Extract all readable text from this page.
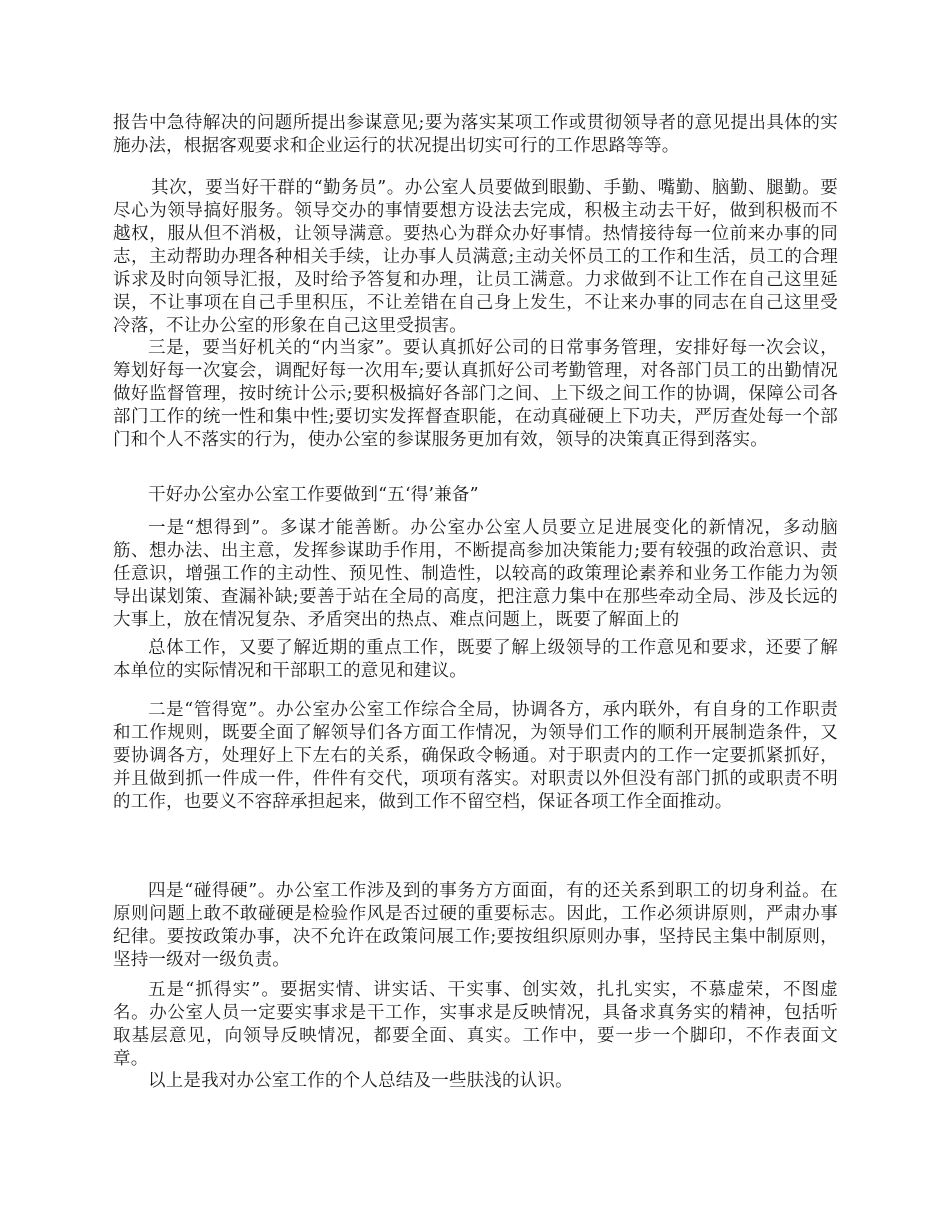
报告中急待解决的问题所提出参谋意见;要为落实某项工作或贯彻领导者的意见提出具体的实施办法，根据客观要求和企业运行的状况提出切实可行的工作思路等等。

其次，要当好干群的“勤务员”。办公室人员要做到眼勤、手勤、嘴勤、脑勤、腿勤。要尽心为领导搞好服务。领导交办的事情要想方设法去完成，积极主动去干好，做到积极而不越权，服从但不消极，让领导满意。要热心为群众办好事情。热情接待每一位前来办事的同志，主动帮助办理各种相关手续，让办事人员满意;主动关怀员工的工作和生活，员工的合理诉求及时向领导汇报，及时给予答复和办理，让员工满意。力求做到不让工作在自己这里延误，不让事项在自己手里积压，不让差错在自己身上发生，不让来办事的同志在自己这里受冷落，不让办公室的形象在自己这里受损害。

三是，要当好机关的“内当家”。要认真抓好公司的日常事务管理，安排好每一次会议，筹划好每一次宴会，调配好每一次用车;要认真抓好公司考勤管理，对各部门员工的出勤情况做好监督管理，按时统计公示;要积极搞好各部门之间、上下级之间工作的协调，保障公司各部门工作的统一性和集中性;要切实发挥督查职能，在动真碰硬上下功夫，严厉查处每一个部门和个人不落实的行为，使办公室的参谋服务更加有效，领导的决策真正得到落实。

干好办公室办公室工作要做到“五‘得’兼备”

一是“想得到”。多谋才能善断。办公室办公室人员要立足进展变化的新情况，多动脑筋、想办法、出主意，发挥参谋助手作用，不断提高参加决策能力;要有较强的政治意识、责任意识，增强工作的主动性、预见性、制造性，以较高的政策理论素养和业务工作能力为领导出谋划策、查漏补缺;要善于站在全局的高度，把注意力集中在那些牵动全局、涉及长远的大事上，放在情况复杂、矛盾突出的热点、难点问题上，既要了解面上的

总体工作，又要了解近期的重点工作，既要了解上级领导的工作意见和要求，还要了解本单位的实际情况和干部职工的意见和建议。

二是“管得宽”。办公室办公室工作综合全局，协调各方，承内联外，有自身的工作职责和工作规则，既要全面了解领导们各方面工作情况，为领导们工作的顺利开展制造条件，又要协调各方，处理好上下左右的关系，确保政令畅通。对于职责内的工作一定要抓紧抓好，并且做到抓一件成一件，件件有交代，项项有落实。对职责以外但没有部门抓的或职责不明的工作，也要义不容辞承担起来，做到工作不留空档，保证各项工作全面推动。

四是“碰得硬”。办公室工作涉及到的事务方方面面，有的还关系到职工的切身利益。在原则问题上敢不敢碰硬是检验作风是否过硬的重要标志。因此，工作必须讲原则，严肃办事纪律。要按政策办事，决不允许在政策问展工作;要按组织原则办事，坚持民主集中制原则，坚持一级对一级负责。

五是“抓得实”。要据实情、讲实话、干实事、创实效，扎扎实实，不慕虚荣，不图虚名。办公室人员一定要实事求是干工作，实事求是反映情况，具备求真务实的精神，包括听取基层意见，向领导反映情况，都要全面、真实。工作中，要一步一个脚印，不作表面文章。

以上是我对办公室工作的个人总结及一些肤浅的认识。
